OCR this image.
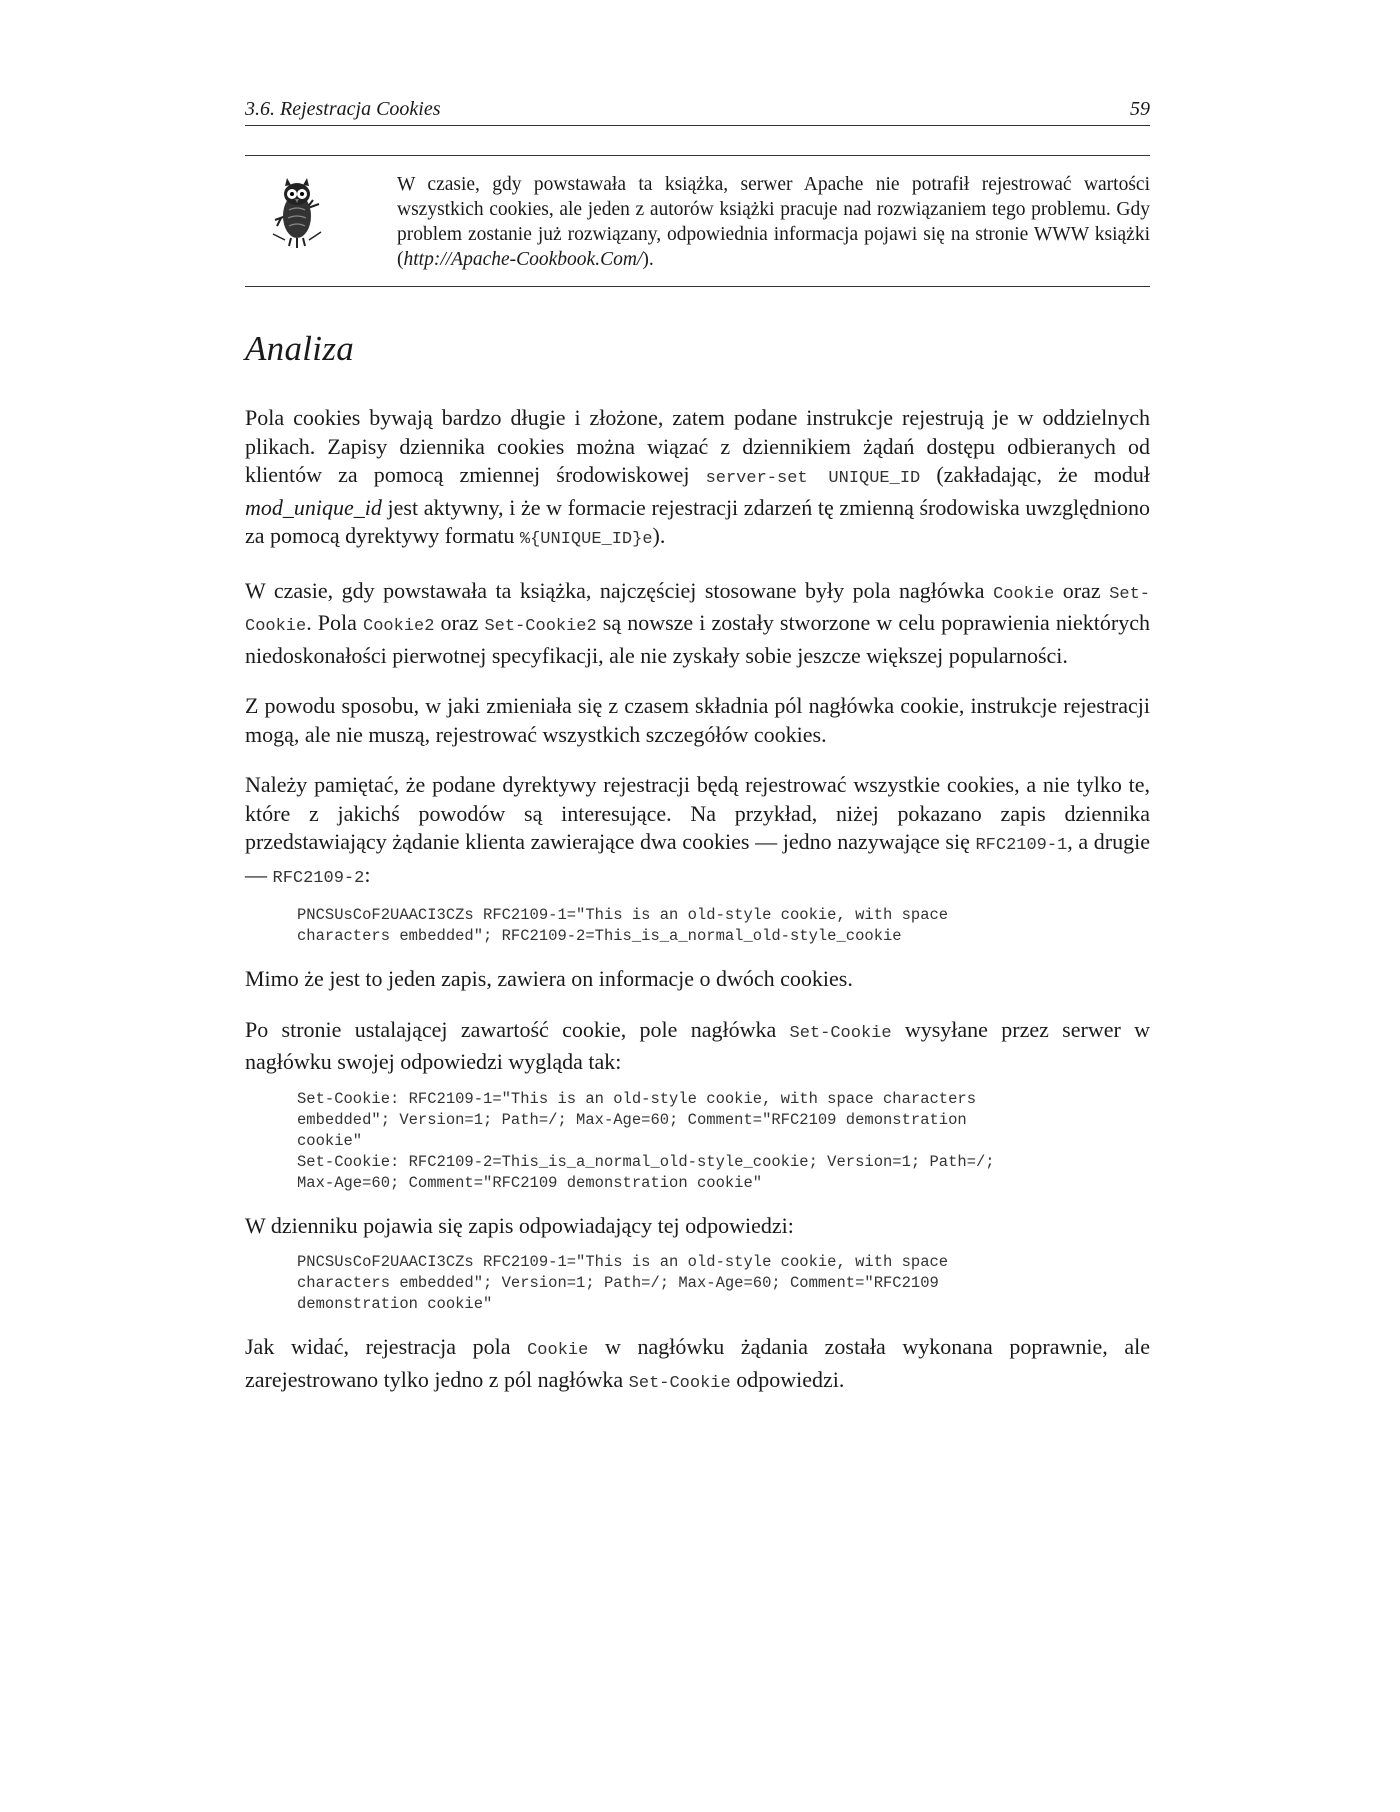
3.6. Rejestracja Cookies	59

W czasie, gdy powstawała ta książka, serwer Apache nie potrafił rejestrować wartości wszystkich cookies, ale jeden z autorów książki pracuje nad rozwiązaniem tego problemu. Gdy problem zostanie już rozwiązany, odpowiednia informacja pojawi się na stronie WWW książki (http://Apache-Cookbook.Com/).

Analiza

Pola cookies bywają bardzo długie i złożone, zatem podane instrukcje rejestrują je w oddzielnych plikach. Zapisy dziennika cookies można wiązać z dziennikiem żądań dostępu odbieranych od klientów za pomocą zmiennej środowiskowej server-set UNIQUE_ID (zakładając, że moduł mod_unique_id jest aktywny, i że w formacie rejestracji zdarzeń tę zmienną środowiska uwzględniono za pomocą dyrektywy formatu %{UNIQUE_ID}e).

W czasie, gdy powstawała ta książka, najczęściej stosowane były pola nagłówka Cookie oraz Set-Cookie. Pola Cookie2 oraz Set-Cookie2 są nowsze i zostały stworzone w celu poprawienia niektórych niedoskonałości pierwotnej specyfikacji, ale nie zyskały sobie jeszcze większej popularności.

Z powodu sposobu, w jaki zmieniała się z czasem składnia pól nagłówka cookie, instrukcje rejestracji mogą, ale nie muszą, rejestrować wszystkich szczegółów cookies.

Należy pamiętać, że podane dyrektywy rejestracji będą rejestrować wszystkie cookies, a nie tylko te, które z jakichś powodów są interesujące. Na przykład, niżej pokazano zapis dziennika przedstawiający żądanie klienta zawierające dwa cookies — jedno nazywające się RFC2109-1, a drugie — RFC2109-2:

PNCSUsCoF2UAACI3CZs RFC2109-1="This is an old-style cookie, with space
characters embedded"; RFC2109-2=This_is_a_normal_old-style_cookie

Mimo że jest to jeden zapis, zawiera on informacje o dwóch cookies.

Po stronie ustalającej zawartość cookie, pole nagłówka Set-Cookie wysyłane przez serwer w nagłówku swojej odpowiedzi wygląda tak:

Set-Cookie: RFC2109-1="This is an old-style cookie, with space characters
embedded"; Version=1; Path=/; Max-Age=60; Comment="RFC2109 demonstration
cookie"
Set-Cookie: RFC2109-2=This_is_a_normal_old-style_cookie; Version=1; Path=/;
Max-Age=60; Comment="RFC2109 demonstration cookie"

W dzienniku pojawia się zapis odpowiadający tej odpowiedzi:

PNCSUsCoF2UAACI3CZs RFC2109-1="This is an old-style cookie, with space
characters embedded"; Version=1; Path=/; Max-Age=60; Comment="RFC2109
demonstration cookie"

Jak widać, rejestracja pola Cookie w nagłówku żądania została wykonana poprawnie, ale zarejestrowano tylko jedno z pól nagłówka Set-Cookie odpowiedzi.
